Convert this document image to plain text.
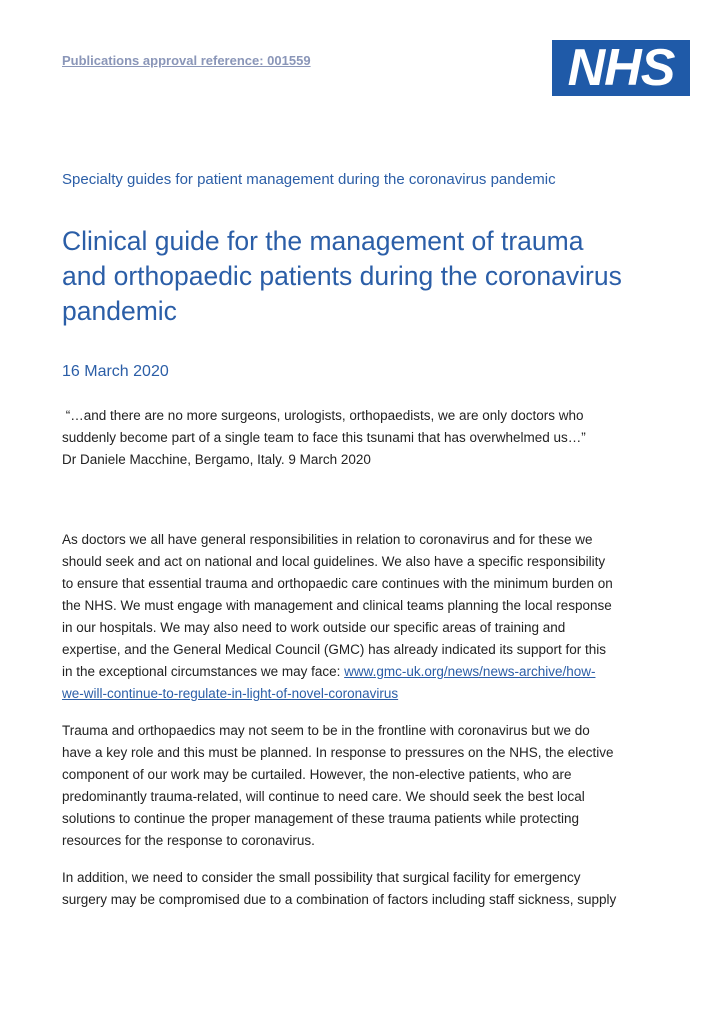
Publications approval reference: 001559	NHS
Specialty guides for patient management during the coronavirus pandemic
Clinical guide for the management of trauma
and orthopaedic patients during the coronavirus
pandemic
16 March 2020
“…and there are no more surgeons, urologists, orthopaedists, we are only doctors who
suddenly become part of a single team to face this tsunami that has overwhelmed us…”
Dr Daniele Macchine, Bergamo, Italy. 9 March 2020

As doctors we all have general responsibilities in relation to coronavirus and for these we
should seek and act on national and local guidelines. We also have a specific responsibility
to ensure that essential trauma and orthopaedic care continues with the minimum burden on
the NHS. We must engage with management and clinical teams planning the local response
in our hospitals. We may also need to work outside our specific areas of training and
expertise, and the General Medical Council (GMC) has already indicated its support for this
in the exceptional circumstances we may face: www.gmc-uk.org/news/news-archive/how-
we-will-continue-to-regulate-in-light-of-novel-coronavirus

Trauma and orthopaedics may not seem to be in the frontline with coronavirus but we do
have a key role and this must be planned. In response to pressures on the NHS, the elective
component of our work may be curtailed. However, the non-elective patients, who are
predominantly trauma-related, will continue to need care. We should seek the best local
solutions to continue the proper management of these trauma patients while protecting
resources for the response to coronavirus.

In addition, we need to consider the small possibility that surgical facility for emergency
surgery may be compromised due to a combination of factors including staff sickness, supply
